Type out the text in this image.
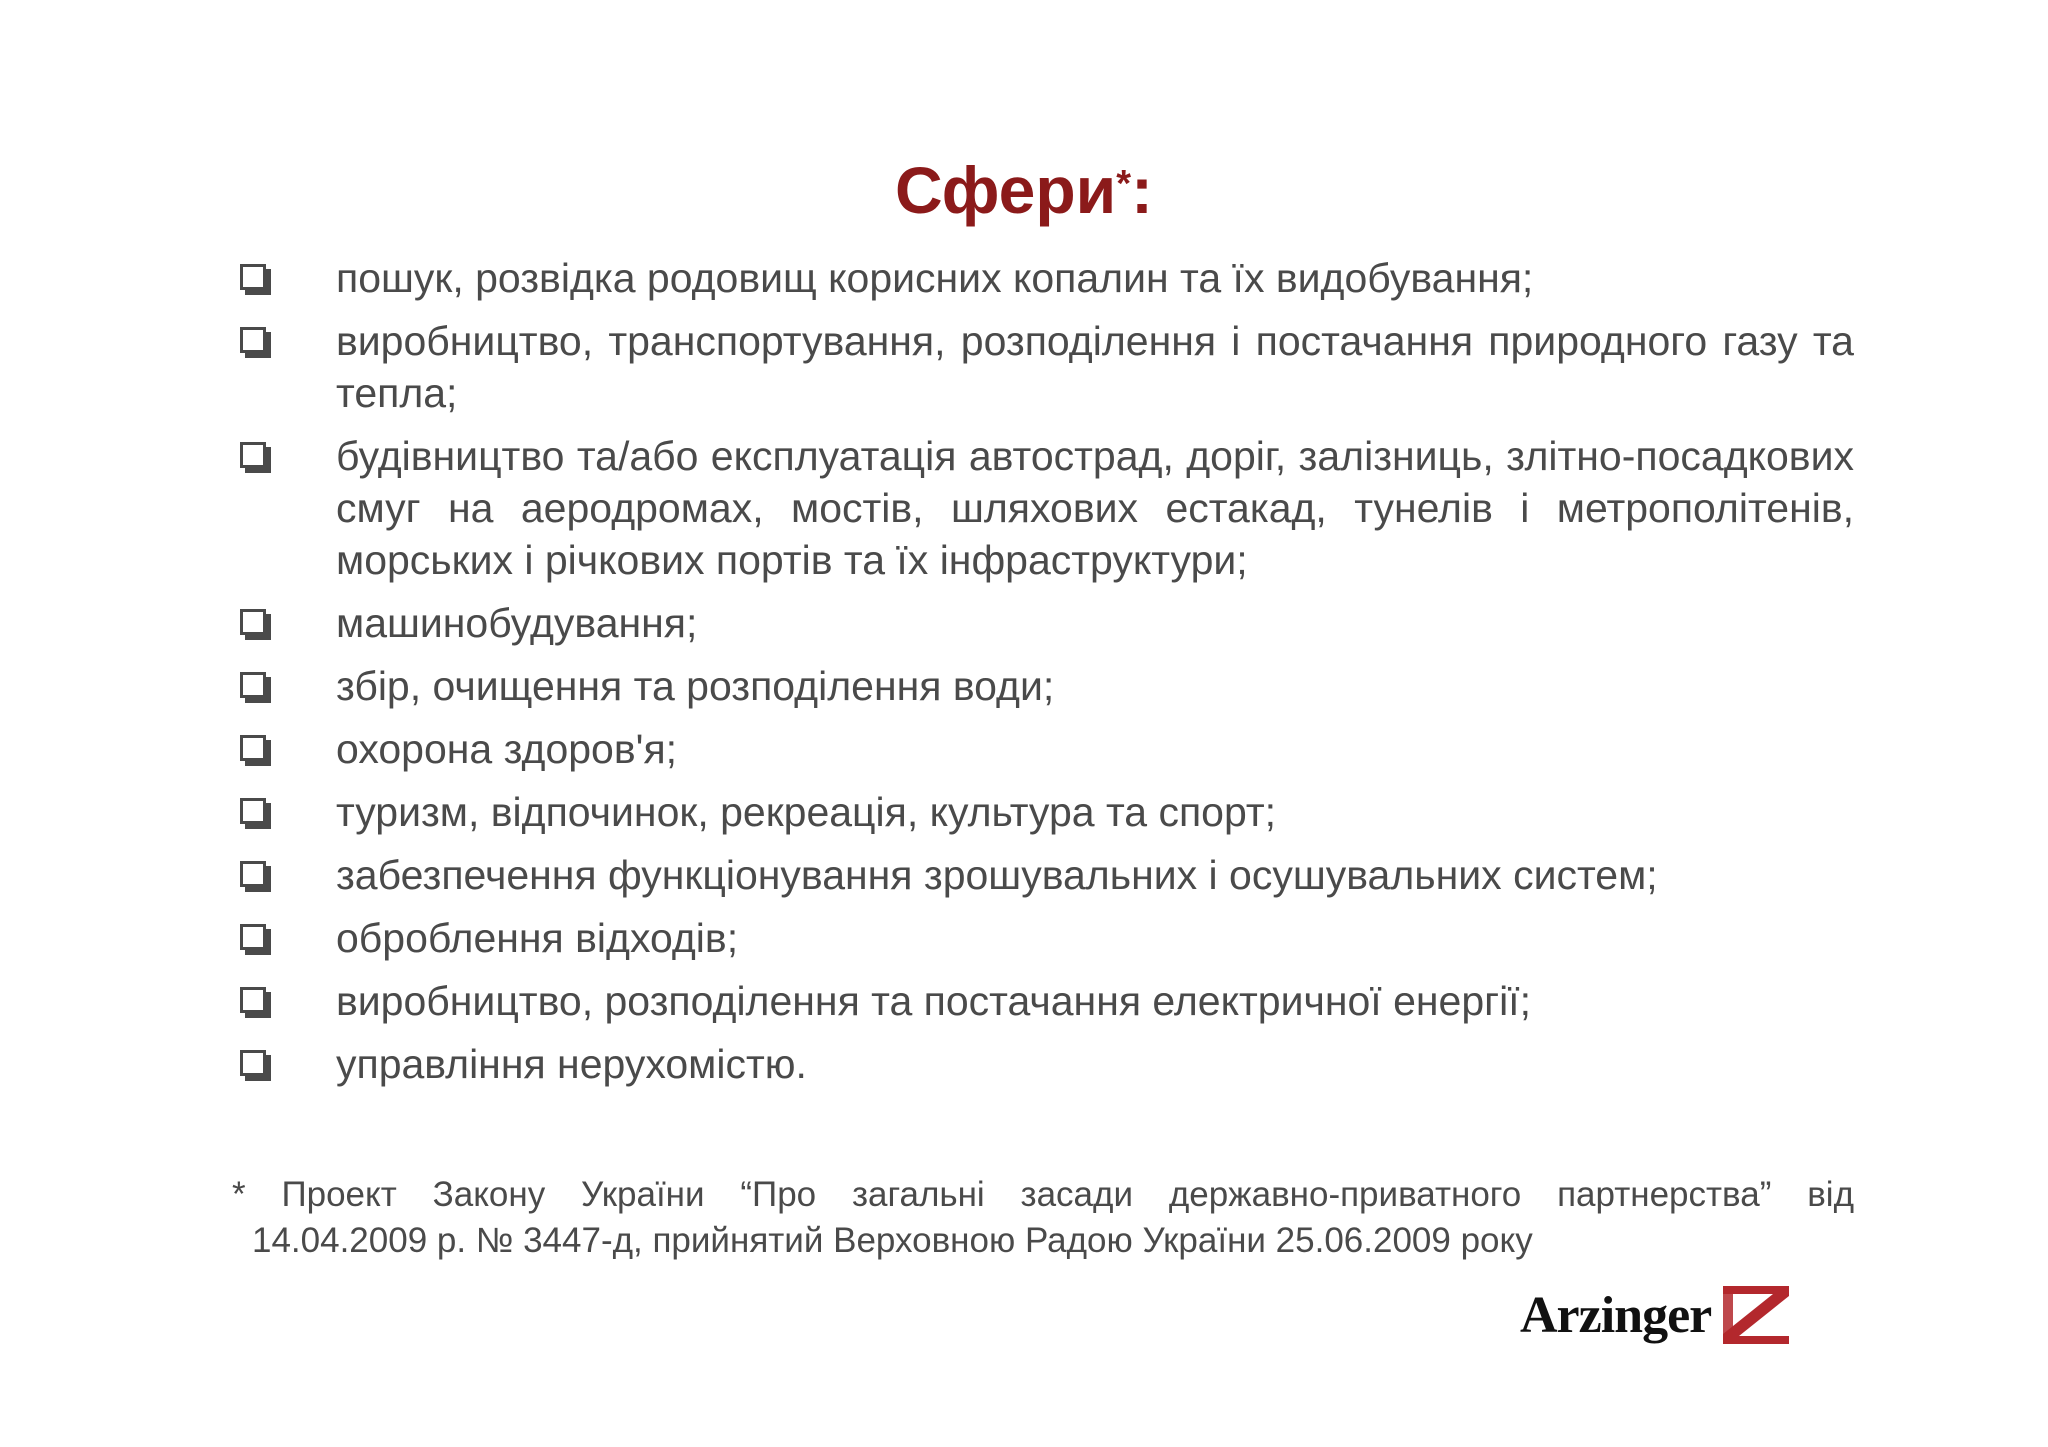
Сфери*:
пошук, розвідка родовищ корисних копалин та їх видобування;
виробництво, транспортування, розподілення і постачання природного газу та тепла;
будівництво та/або експлуатація автострад, доріг, залізниць, злітно-посадкових смуг на аеродромах, мостів, шляхових естакад, тунелів і метрополітенів, морських і річкових портів та їх інфраструктури;
машинобудування;
збір, очищення та розподілення води;
охорона здоров'я;
туризм, відпочинок, рекреація, культура та спорт;
забезпечення функціонування зрошувальних і осушувальних систем;
оброблення відходів;
виробництво, розподілення та постачання електричної енергії;
управління нерухомістю.
* Проект Закону України “Про загальні засади державно-приватного партнерства” від
14.04.2009 р. № 3447-д, прийнятий Верховною Радою України 25.06.2009 року
Arzinger
